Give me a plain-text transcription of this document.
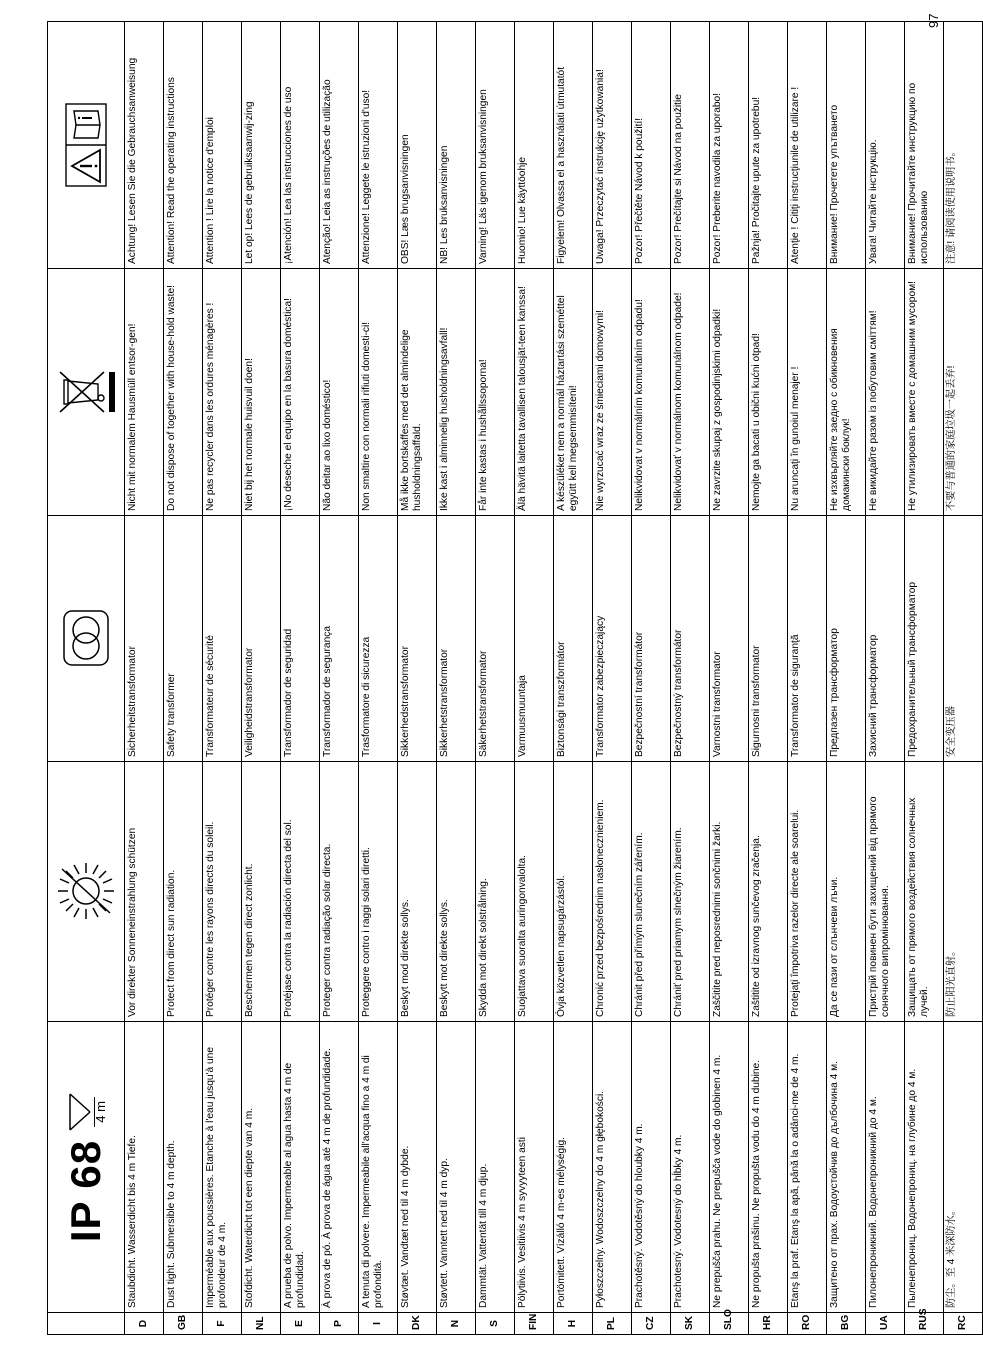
97

	IP 68
4 m

D	Staubdicht. Wasserdicht bis 4 m Tiefe.	Vor direkter Sonneneinstrahlung schützen	Sicherheitstransformator	Nicht mit normalem Hausmüll entsor-gen!	Achtung! Lesen Sie die Gebrauchsanweisung
GB	Dust tight. Submersible to 4 m depth.	Protect from direct sun radiation.	Safety transformer	Do not dispose of together with house-hold waste!	Attention! Read the operating instructions
F	Imperméable aux poussières. Etanche à l'eau jusqu'à une profondeur de 4 m.	Protéger contre les rayons directs du soleil.	Transformateur de sécurité	Ne pas recycler dans les ordures ménagères !	Attention ! Lire la notice d'emploi
NL	Stofdicht. Waterdicht tot een diepte van 4 m.	Beschermen tegen direct zonlicht.	Veiligheidstransformator	Niet bij het normale huisvuil doen!	Let op! Lees de gebruiksaanwij-zing
E	A prueba de polvo. Impermeable al agua hasta 4 m de profundidad.	Protéjase contra la radiación directa del sol.	Transformador de seguridad	¡No deseche el equipo en la basura doméstica!	¡Atención! Lea las instrucciones de uso
P	À prova de pó. À prova de água até 4 m de profundidade.	Proteger contra radiação solar directa.	Transformador de segurança	Não deitar ao lixo doméstico!	Atenção! Leia as instruções de utilização
I	A tenuta di polvere. Impermeabile all'acqua fino a 4 m di profondità.	Proteggere contro i raggi solari diretti.	Trasformatore di sicurezza	Non smaltire con normali rifiuti domesti-ci!	Attenzione! Leggete le istruzioni d'uso!
DK	Støvtæt. Vandtæt ned til 4 m dybde.	Beskyt mod direkte sollys.	Sikkerhedstransformator	Må ikke bortskaffes med det almindelige husholdningsaffald.	OBS! Læs brugsanvisningen
N	Støvtett. Vanntett ned til 4 m dyp.	Beskytt mot direkte sollys.	Sikkerhetstransformator	Ikke kast i alminnelig husholdningsavfall!	NB! Les bruksanvisningen
S	Dammtät. Vattentät till 4 m djup.	Skydda mot direkt solstrålning.	Säkerhetstransformator	Får inte kastas i hushållssoporna!	Varning! Läs igenom bruksanvisningen
FIN	Pölytiivis. Vesitiivis 4 m syvyyteen asti	Suojattava suoralta auringonvalolta.	Varmuusmuuntaja	Älä hävitä laitetta tavallisen talousjät-teen kanssa!	Huomio! Lue käyttöohje
H	Portömitett. Vízálló 4 m-es mélységig.	Óvja közvetlen napsugárzástól.	Biztonsági transzformátor	A készüléket nem a normál háztartási szeméttel együtt kell megsemmisíteni!	Figyelem! Olvassa el a használati útmutatót
PL	Pyłoszczelny. Wodoszczelny do 4 m głębokości.	Chronić przed bezpośrednim nasłonecznieniem.	Transformator zabezpieczający	Nie wyrzucać wraz ze śmieciami domowymi!	Uwaga! Przeczytać instrukcję użytkowania!
CZ	Prachotěsný. Vodotěsný do hloubky 4 m.	Chránit před přímým slunečním zářením.	Bezpečnostní transformátor	Nelikvidovat v normálním komunálním odpadu!	Pozor! Přečtěte Návod k použití!
SK	Prachotesný. Vodotesný do hĺbky 4 m.	Chrániť pred priamym slnečným žiarením.	Bezpečnostný transformátor	Nelikvidovať v normálnom komunálnom odpade!	Pozor! Prečítajte si Návod na použitie
SLO	Ne prepušča prahu. Ne prepušča vode do globinen 4 m.	Zaščitite pred neposrednimi sončnimi žarki.	Varnostni transformator	Ne zavrzite skupaj z gospodinjskimi odpadki!	Pozor! Preberite navodila za uporabo!
HR	Ne propušta prašinu. Ne propušta vodu do 4 m dubine.	Zaštitite od izravnog sunčevog zračenja.	Sigurnosni transformator	Nemojte ga bacati u obični kućni otpad!	Pažnja! Pročitajte upute za upotrebu!
RO	Etanş la praf. Etanş la apă, până la o adânci-me de 4 m.	Protejaţi împotriva razelor directe ale soarelui.	Transformator de siguranţă	Nu aruncaţi în gunoiul menajer !	Atenţie ! Citiţi instrucţiunile de utilizare !
BG	Защитено от прах. Водоустойчив до дълбочина 4 м.	Да се пази от слънчеви лъчи.	Предпазен трансформатор	Не изхвърляйте заедно с обикновения домакински боклук!	Внимание! Прочетете упътването
UA	Пилонепроникний. Водонепроникний до 4 м.	Пристрій повинен бути захищений від прямого сонячного випромінювання.	Захисний трансформатор	Не викидайте разом із побутовим сміттям!	Увага! Читайте інструкцію.
RUS	Пыленепрониц. Водонепрониц. на глубине до 4 м.	Защищать от прямого воздействия солнечных лучей.	Предохранительный трансформатор	Не утилизировать вместе с домашним мусором!	Внимание! Прочитайте инструкцию по использованию
RC	防尘。至 4 米深防水。	防止阳光直射。	安全变压器	不要与普通的家庭垃圾一起丢弃!	注意! 请阅读使用说明书。
